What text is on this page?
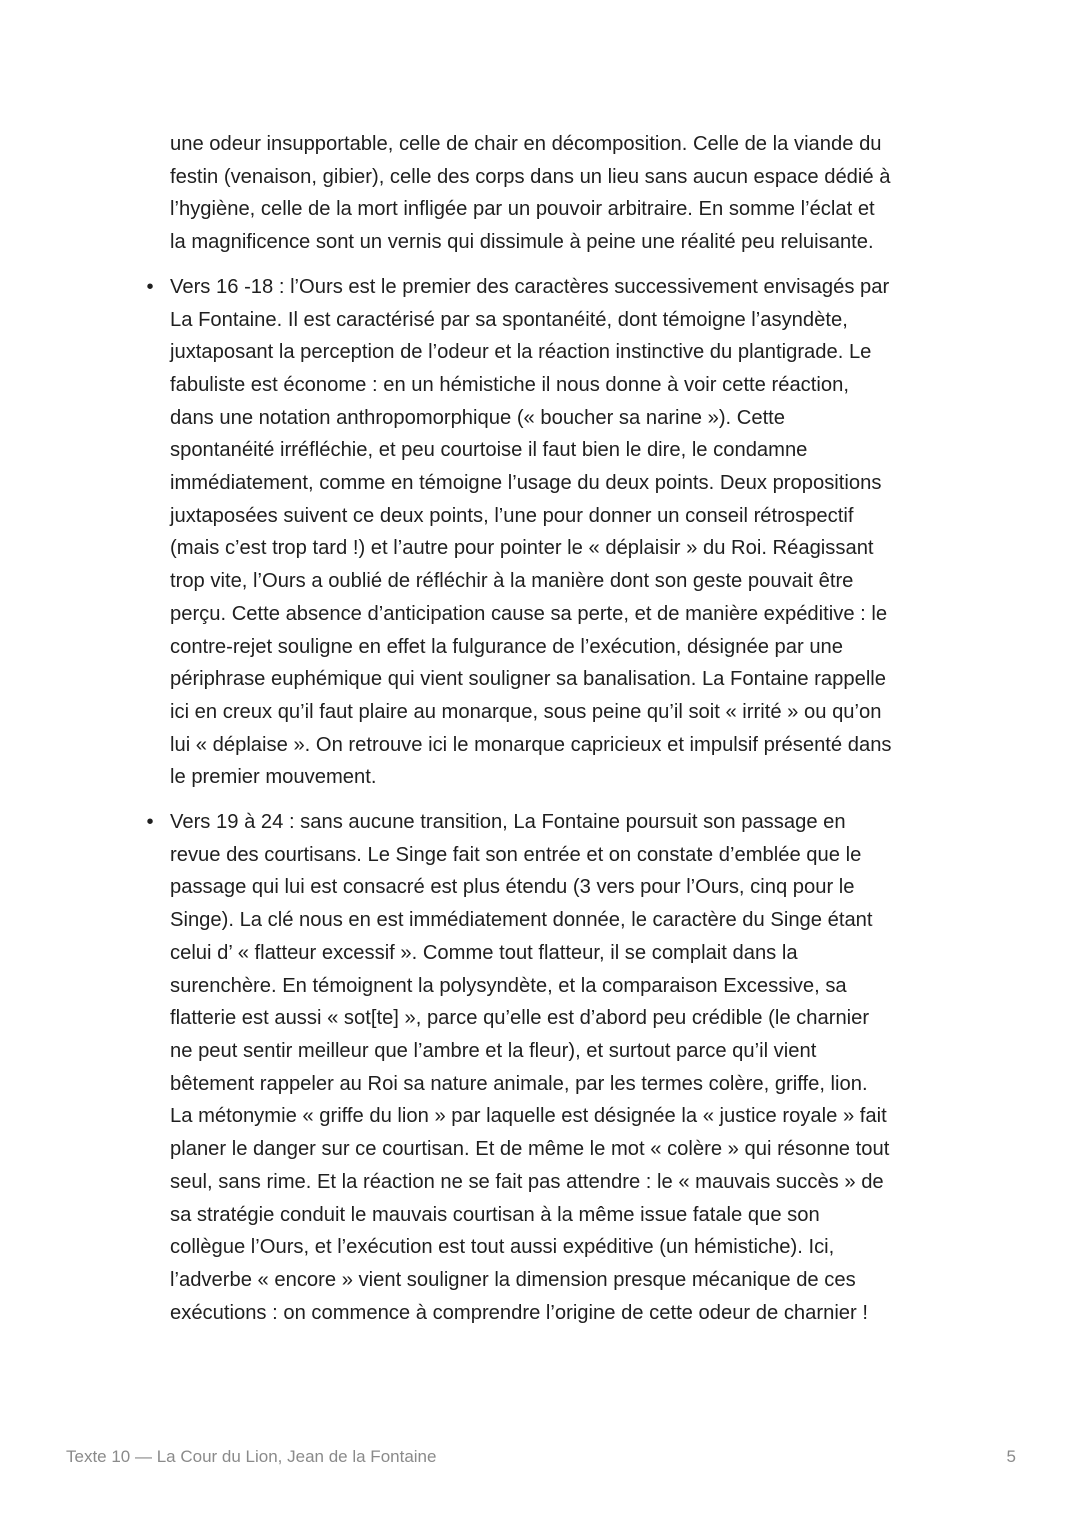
une odeur insupportable, celle de chair en décomposition. Celle de la viande du
festin (venaison, gibier), celle des corps dans un lieu sans aucun espace dédié à
l’hygiène, celle de la mort infligée par un pouvoir arbitraire. En somme l’éclat et
la magnificence sont un vernis qui dissimule à peine une réalité peu reluisante.

• Vers 16 -18 : l’Ours est le premier des caractères successivement envisagés par
La Fontaine. Il est caractérisé par sa spontanéité, dont témoigne l’asyndète,
juxtaposant la perception de l’odeur et la réaction instinctive du plantigrade. Le
fabuliste est économe : en un hémistiche il nous donne à voir cette réaction,
dans une notation anthropomorphique (« boucher sa narine »). Cette
spontanéité irréfléchie, et peu courtoise il faut bien le dire, le condamne
immédiatement, comme en témoigne l’usage du deux points. Deux propositions
juxtaposées suivent ce deux points, l’une pour donner un conseil rétrospectif
(mais c’est trop tard !) et l’autre pour pointer le « déplaisir » du Roi. Réagissant
trop vite, l’Ours a oublié de réfléchir à la manière dont son geste pouvait être
perçu. Cette absence d’anticipation cause sa perte, et de manière expéditive : le
contre-rejet souligne en effet la fulgurance de l’exécution, désignée par une
périphrase euphémique qui vient souligner sa banalisation. La Fontaine rappelle
ici en creux qu’il faut plaire au monarque, sous peine qu’il soit « irrité » ou qu’on
lui « déplaise ». On retrouve ici le monarque capricieux et impulsif présenté dans
le premier mouvement.

• Vers 19 à 24 : sans aucune transition, La Fontaine poursuit son passage en
revue des courtisans. Le Singe fait son entrée et on constate d’emblée que le
passage qui lui est consacré est plus étendu (3 vers pour l’Ours, cinq pour le
Singe). La clé nous en est immédiatement donnée, le caractère du Singe étant
celui d’ « flatteur excessif ». Comme tout flatteur, il se complait dans la
surenchère. En témoignent la polysyndète, et la comparaison Excessive, sa
flatterie est aussi « sot[te] », parce qu’elle est d’abord peu crédible (le charnier
ne peut sentir meilleur que l’ambre et la fleur), et surtout parce qu’il vient
bêtement rappeler au Roi sa nature animale, par les termes colère, griffe, lion.
La métonymie « griffe du lion » par laquelle est désignée la « justice royale » fait
planer le danger sur ce courtisan. Et de même le mot « colère » qui résonne tout
seul, sans rime. Et la réaction ne se fait pas attendre : le « mauvais succès » de
sa stratégie conduit le mauvais courtisan à la même issue fatale que son
collègue l’Ours, et l’exécution est tout aussi expéditive (un hémistiche). Ici,
l’adverbe « encore » vient souligner la dimension presque mécanique de ces
exécutions : on commence à comprendre l’origine de cette odeur de charnier !

Texte 10 — La Cour du Lion, Jean de la Fontaine	5
